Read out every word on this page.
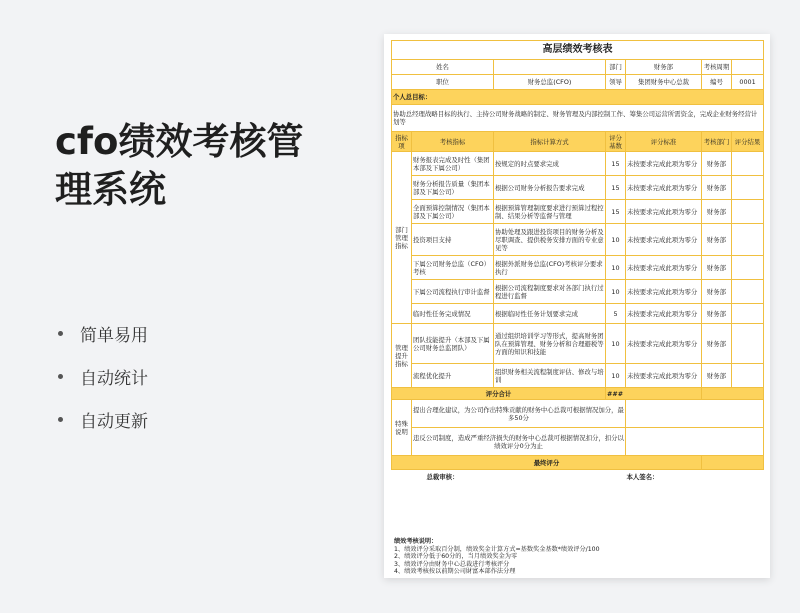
cfo绩效考核管
理系统
简单易用
自动统计
自动更新
高层绩效考核表						
姓名			部门	财务部	考核周期	
职位		财务总监(CFO)	领导	集团财务中心总裁	编号	0001
个人总目标：						
协助总经理战略目标的执行、主持公司财务战略的制定、财务管理及内部控制工作、筹集公司运营所需资金，完成企业财务经营计划等						
指标项	考核指标	指标计算方式	评分基数	评分标准	考核部门	评分结果
部门管理指标	财务报表完成及时性（集团本部及下属公司）	按规定的时点要求完成	15	未按要求完成此项为零分	财务部	
	财务分析报告质量（集团本部及下属公司）	根据公司财务分析报告要求完成	15	未按要求完成此项为零分	财务部	
	全面预算控制情况（集团本部及下属公司）	根据预算管理制度要求进行预算过程控制、结果分析等监督与管理	15	未按要求完成此项为零分	财务部	
	投资项目支持	协助处理及跟进投资项目的财务分析及尽职调查、提供税务安排方面的专业意见等	10	未按要求完成此项为零分	财务部	
	下属公司财务总监（CFO）考核	根据外派财务总监(CFO)考核评分要求执行	10	未按要求完成此项为零分	财务部	
	下属公司流程执行审计监督	根据公司流程制度要求对各部门执行过程进行监督	10	未按要求完成此项为零分	财务部	
	临时性任务完成情况	根据临时性任务计划要求完成	5	未按要求完成此项为零分	财务部	
管理提升指标	团队技能提升（本部及下属公司财务总监团队）	通过组织培训学习等形式，提高财务团队在预算管理、财务分析和合理避税等方面的知识和技能	10	未按要求完成此项为零分	财务部	
	流程优化提升	组织财务相关流程制度评估、修改与培训	10	未按要求完成此项为零分	财务部	
评分合计			###			
特殊说明	提出合理化建议，为公司作出特殊贡献的财务中心总裁可根据情况加分，最多50分					
	违反公司制度，造成严重经济损失的财务中心总裁可根据情况扣分，扣分以绩效评分0分为止					
最终评分						
总裁审核：				本人签名：		
绩效考核说明：
1、绩效评分采取百分制，绩效奖金计算方式=基数奖金基数*绩效评分/100
2、绩效评分低于60分的，当月绩效奖金为零
3、绩效评分由财务中心总裁进行考核评分
4、绩效考核按以前期公司財富本部作法分理
